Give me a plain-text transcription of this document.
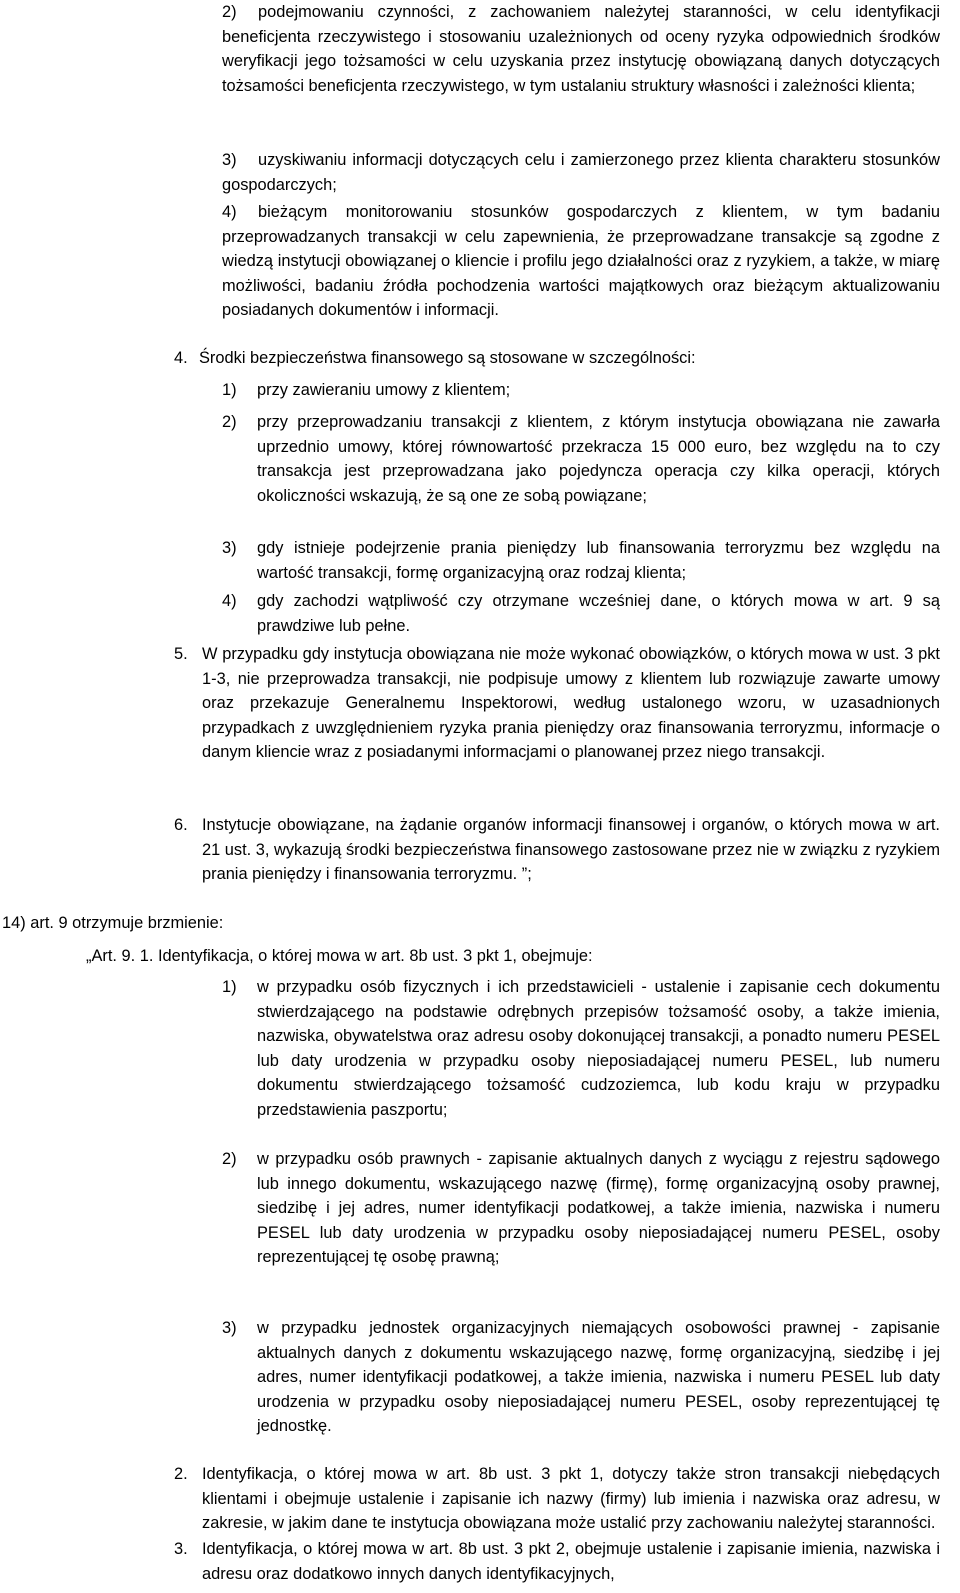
2)	podejmowaniu czynności, z zachowaniem należytej staranności, w celu identyfikacji beneficjenta rzeczywistego i stosowaniu uzależnionych od oceny ryzyka odpowiednich środków weryfikacji jego tożsamości w celu uzyskania przez instytucję obowiązaną danych dotyczących tożsamości beneficjenta rzeczywistego, w tym ustalaniu struktury własności i zależności klienta;
3)	uzyskiwaniu informacji dotyczących celu i zamierzonego przez klienta charakteru stosunków gospodarczych;
4)	bieżącym monitorowaniu stosunków gospodarczych z klientem, w tym badaniu przeprowadzanych transakcji w celu zapewnienia, że przeprowadzane transakcje są zgodne z wiedzą instytucji obowiązanej o kliencie i profilu jego działalności oraz z ryzykiem, a także, w miarę możliwości, badaniu źródła pochodzenia wartości majątkowych oraz bieżącym aktualizowaniu posiadanych dokumentów i informacji.
4. Środki bezpieczeństwa finansowego są stosowane w szczególności:
1) przy zawieraniu umowy z klientem;
2) przy przeprowadzaniu transakcji z klientem, z którym instytucja obowiązana nie zawarła uprzednio umowy, której równowartość przekracza 15 000 euro, bez względu na to czy transakcja jest przeprowadzana jako pojedyncza operacja czy kilka operacji, których okoliczności wskazują, że są one ze sobą powiązane;
3) gdy istnieje podejrzenie prania pieniędzy lub finansowania terroryzmu bez względu na wartość transakcji, formę organizacyjną oraz rodzaj klienta;
4) gdy zachodzi wątpliwość czy otrzymane wcześniej dane, o których mowa w art. 9 są prawdziwe lub pełne.
5. W przypadku gdy instytucja obowiązana nie może wykonać obowiązków, o których mowa w ust. 3 pkt 1-3, nie przeprowadza transakcji, nie podpisuje umowy z klientem lub rozwiązuje zawarte umowy oraz przekazuje Generalnemu Inspektorowi, według ustalonego wzoru, w uzasadnionych przypadkach z uwzględnieniem ryzyka prania pieniędzy oraz finansowania terroryzmu, informacje o danym kliencie wraz z posiadanymi informacjami o planowanej przez niego transakcji.
6. Instytucje obowiązane, na żądanie organów informacji finansowej i organów, o których mowa w art. 21 ust. 3, wykazują środki bezpieczeństwa finansowego zastosowane przez nie w związku z ryzykiem prania pieniędzy i finansowania terroryzmu. ”;
14) art. 9 otrzymuje brzmienie:
„Art. 9. 1. Identyfikacja, o której mowa w art. 8b ust. 3 pkt 1, obejmuje:
1) w przypadku osób fizycznych i ich przedstawicieli - ustalenie i zapisanie cech dokumentu stwierdzającego na podstawie odrębnych przepisów tożsamość osoby, a także imienia, nazwiska, obywatelstwa oraz adresu osoby dokonującej transakcji, a ponadto numeru PESEL lub daty urodzenia w przypadku osoby nieposiadającej numeru PESEL, lub numeru dokumentu stwierdzającego tożsamość cudzoziemca, lub kodu kraju w przypadku przedstawienia paszportu;
2) w przypadku osób prawnych - zapisanie aktualnych danych z wyciągu z rejestru sądowego lub innego dokumentu, wskazującego nazwę (firmę), formę organizacyjną osoby prawnej, siedzibę i jej adres, numer identyfikacji podatkowej, a także imienia, nazwiska i numeru PESEL lub daty urodzenia w przypadku osoby nieposiadającej numeru PESEL, osoby reprezentującej tę osobę prawną;
3) w przypadku jednostek organizacyjnych niemających osobowości prawnej - zapisanie aktualnych danych z dokumentu wskazującego nazwę, formę organizacyjną, siedzibę i jej adres, numer identyfikacji podatkowej, a także imienia, nazwiska i numeru PESEL lub daty urodzenia w przypadku osoby nieposiadającej numeru PESEL, osoby reprezentującej tę jednostkę.
2. Identyfikacja, o której mowa w art. 8b ust. 3 pkt 1, dotyczy także stron transakcji niebędących klientami i obejmuje ustalenie i zapisanie ich nazwy (firmy) lub imienia i nazwiska oraz adresu, w zakresie, w jakim dane te instytucja obowiązana może ustalić przy zachowaniu należytej staranności.
3. Identyfikacja, o której mowa w art. 8b ust. 3 pkt 2, obejmuje ustalenie i zapisanie imienia, nazwiska i adresu oraz dodatkowo innych danych identyfikacyjnych,
